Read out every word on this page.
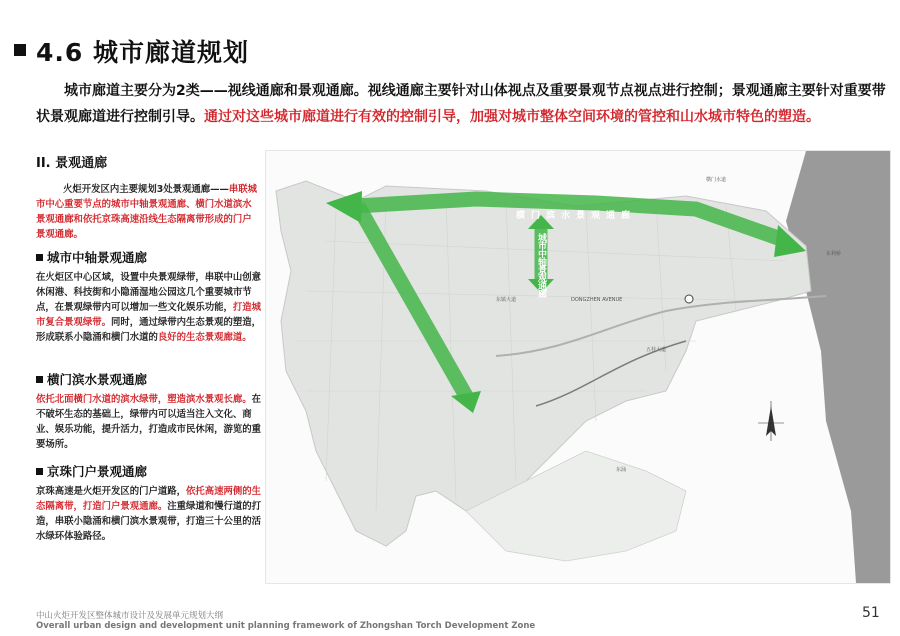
4.6 城市廊道规划
城市廊道主要分为2类——视线通廊和景观通廊。视线通廊主要针对山体视点及重要景观节点视点进行控制；景观通廊主要针对重要带
状景观廊道进行控制引导。通过对这些城市廊道进行有效的控制引导，加强对城市整体空间环境的管控和山水城市特色的塑造。
II. 景观通廊
火炬开发区内主要规划3处景观通廊——串联城市中心重要节点的城市中轴景观通廊、横门水道滨水景观通廊和依托京珠高速沿线生态隔离带形成的门户景观通廊。
城市中轴景观通廊
在火炬区中心区域，设置中央景观绿带，串联中山创意休闲港、科技街和小隐涌湿地公园这几个重要城市节点，在景观绿带内可以增加一些文化娱乐功能，打造城市复合景观绿带。同时，通过绿带内生态景观的塑造，形成联系小隐涌和横门水道的良好的生态景观廊道。
横门滨水景观通廊
依托北面横门水道的滨水绿带，塑造滨水景观长廊。在不破坏生态的基础上，绿带内可以适当注入文化、商业、娱乐功能，提升活力，打造成市民休闲，游览的重要场所。
京珠门户景观通廊
京珠高速是火炬开发区的门户道路，依托高速两侧的生态隔离带，打造门户景观通廊。注重绿道和慢行道的打造，串联小隐涌和横门滨水景观带，打造三十公里的活水绿环体验路径。
横门滨水景观通廊
城市中轴景观通廊
DONGZHEN AVENUE
东镇大道
五桂大道
东利桥
横门水道
东涌
中山火炬开发区整体城市设计及发展单元规划大纲
Overall urban design and development unit planning framework of Zhongshan Torch Development Zone
51
